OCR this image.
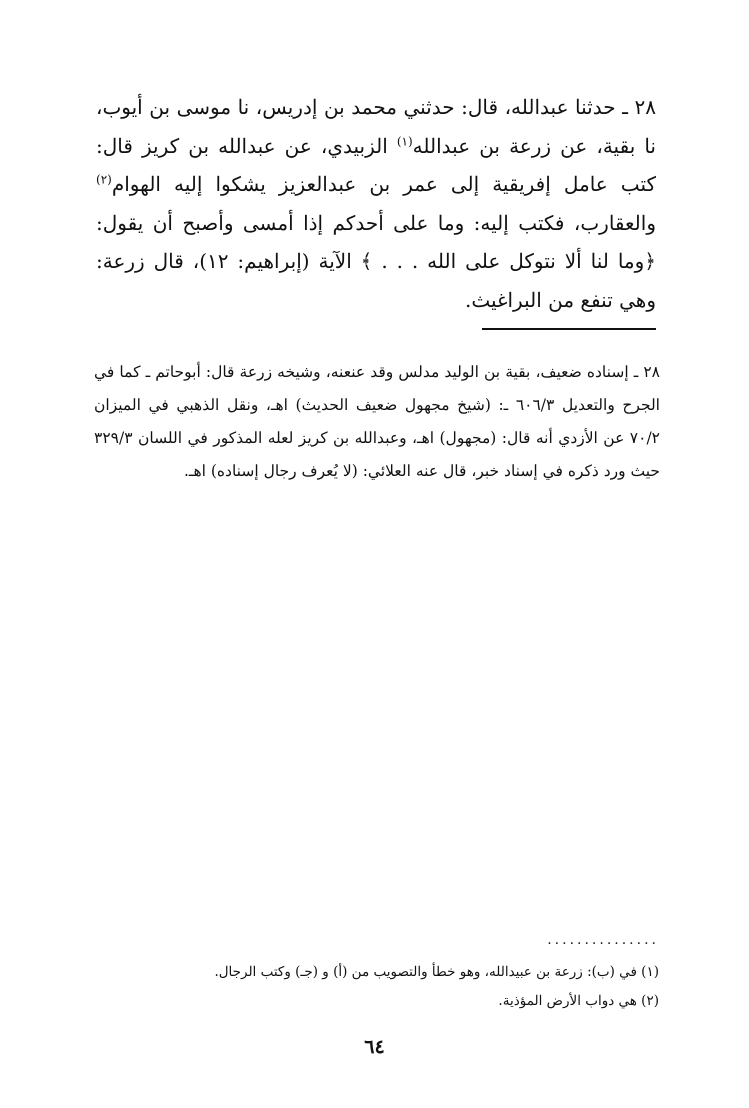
٢٨ ـ حدثنا عبدالله، قال: حدثني محمد بن إدريس، نا موسى بن أيوب، نا بقية، عن زرعة بن عبدالله$^{(١)}$ الزبيدي، عن عبدالله بن كريز قال: كتب عامل إفريقية إلى عمر بن عبدالعزيز يشكوا إليه الهوام$^{(٢)}$ والعقارب، فكتب إليه: وما على أحدكم إذا أمسى وأصبح أن يقول: ﴿وما لنا ألا نتوكل على الله . . . ﴾ الآية (إبراهيم: ١٢)، قال زرعة: وهي تنفع من البراغيث.

٢٨ ـ إسناده ضعيف، بقية بن الوليد مدلس وقد عنعنه، وشيخه زرعة قال: أبوحاتم ـ كما في الجرح والتعديل ٦٠٦/٣ ـ: (شيخ مجهول ضعيف الحديث) اهـ، ونقل الذهبي في الميزان ٧٠/٢ عن الأزدي أنه قال: (مجهول) اهـ، وعبدالله بن كريز لعله المذكور في اللسان ٣٢٩/٣ حيث ورد ذكره في إسناد خبر، قال عنه العلائي: (لا يُعرف رجال إسناده) اهـ.

...............

(١) في (ب): زرعة بن عبيدالله، وهو خطأ والتصويب من (أ) و (جـ) وكتب الرجال.

(٢) هي دواب الأرض المؤذية.

٦٤
